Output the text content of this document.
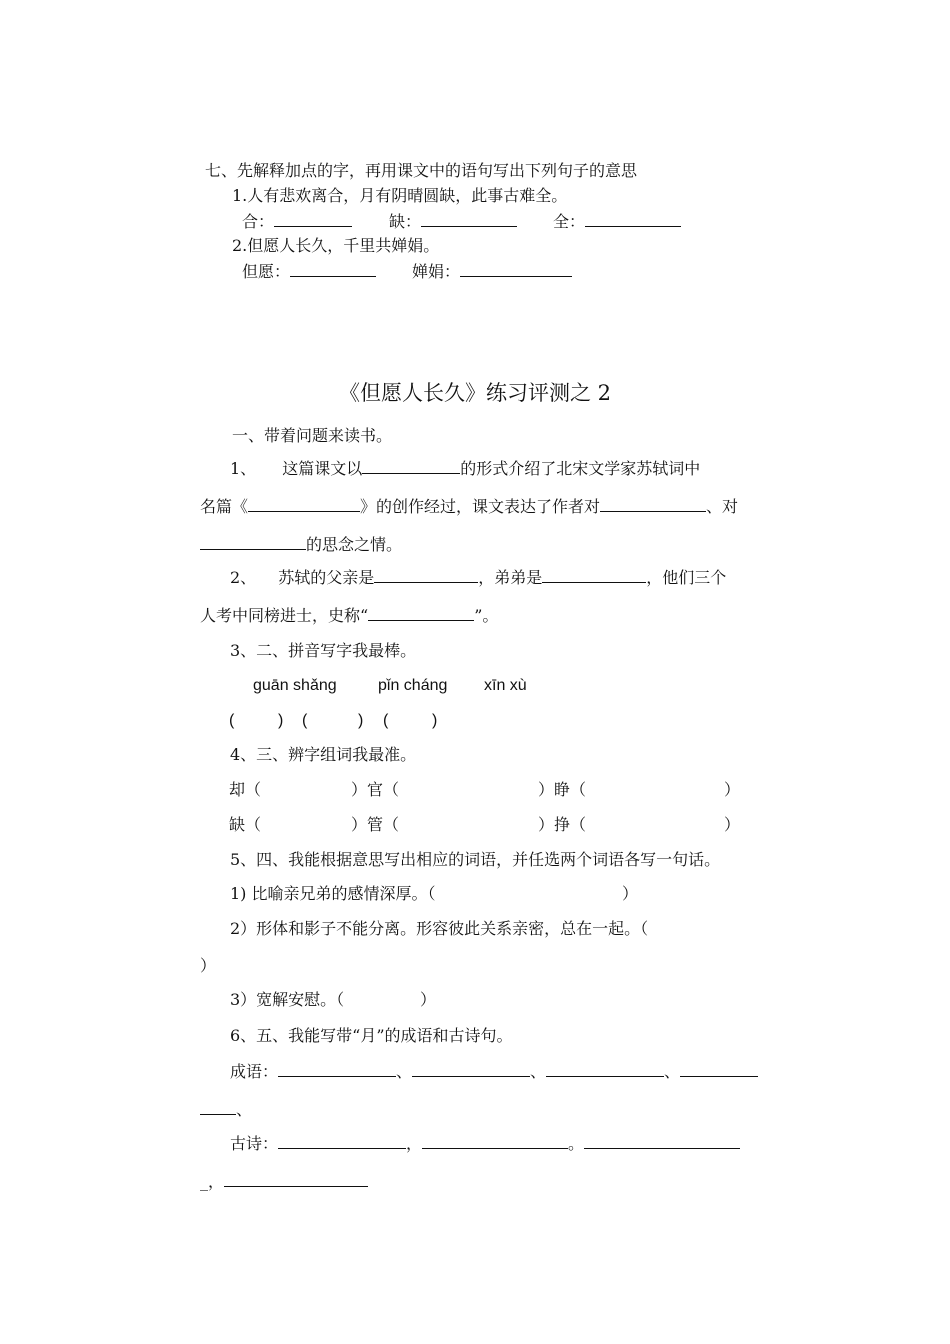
七、先解释加点的字，再用课文中的语句写出下列句子的意思
1.人有悲欢离合，月有阴晴圆缺，此事古难全。
合：	缺：	全：
2.但愿人长久，千里共婵娟。
但愿：	婵娟：
《但愿人长久》练习评测之 2
一、带着问题来读书。
1、 这篇课文以	的形式介绍了北宋文学家苏轼词中
名篇《	》的创作经过，课文表达了作者对	、对
的思念之情。
2、 苏轼的父亲是	，弟弟是	，他们三个
人考中同榜进士，史称“	”。
3、二、拼音写字我最棒。
guān shǎng	pǐn cháng xīn xù
(	) (	) (	)
4、三、辨字组词我最准。
却（	）官（	）睁（	）
缺（	）管（	）挣（	）
5、四、我能根据意思写出相应的词语，并任选两个词语各写一句话。
1) 比喻亲兄弟的感情深厚。（	）
2）形体和影子不能分离。形容彼此关系亲密，总在一起。（
）
3）宽解安慰。（	）
6、五、我能写带“月”的成语和古诗句。
成语：	、	、	、
、
古诗：	，	。
_，
